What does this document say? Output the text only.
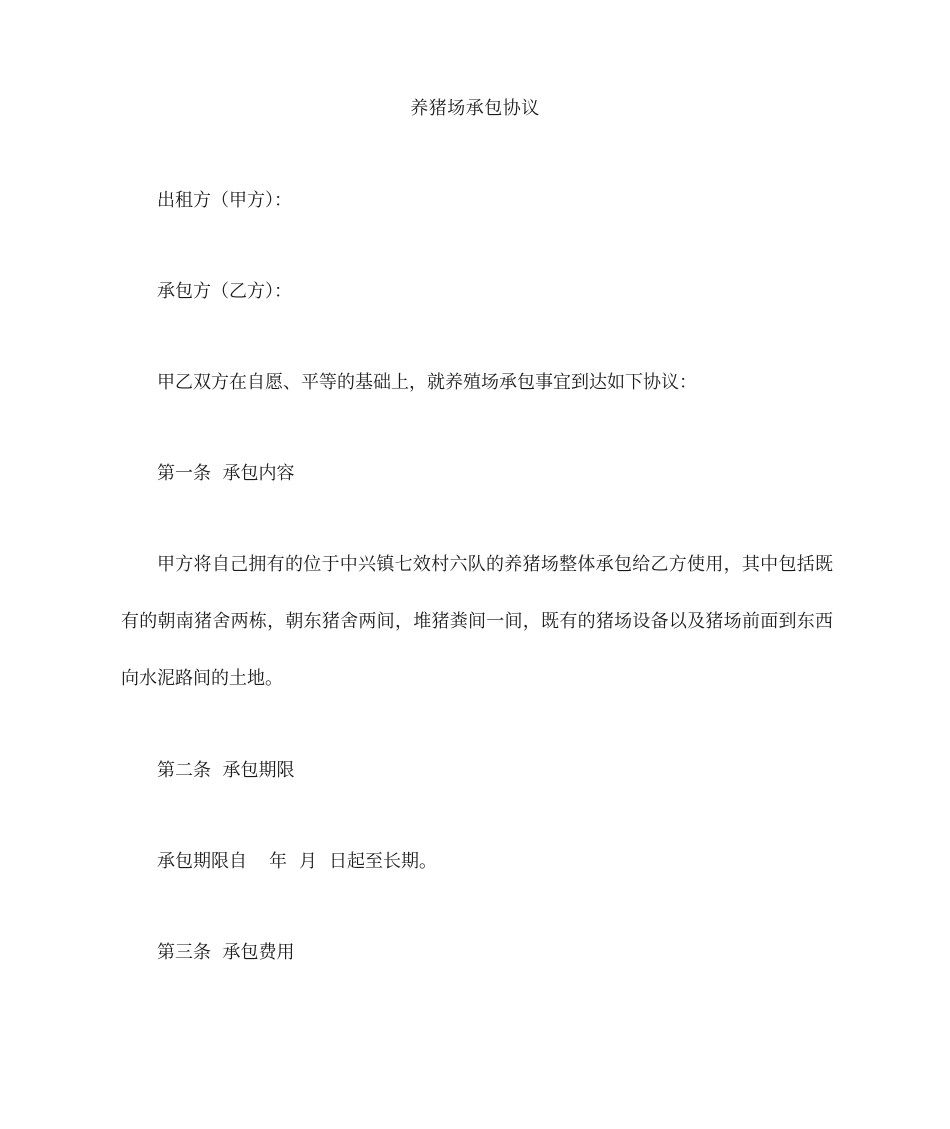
养猪场承包协议
出租方（甲方）：
承包方（乙方）：
甲乙双方在自愿、平等的基础上，就养殖场承包事宜到达如下协议：
第一条  承包内容
甲方将自己拥有的位于中兴镇七效村六队的养猪场整体承包给乙方使用，其中包括既有的朝南猪舍两栋，朝东猪舍两间，堆猪粪间一间，既有的猪场设备以及猪场前面到东西向水泥路间的土地。
第二条  承包期限
承包期限自 年 月 日起至长期。
第三条  承包费用
